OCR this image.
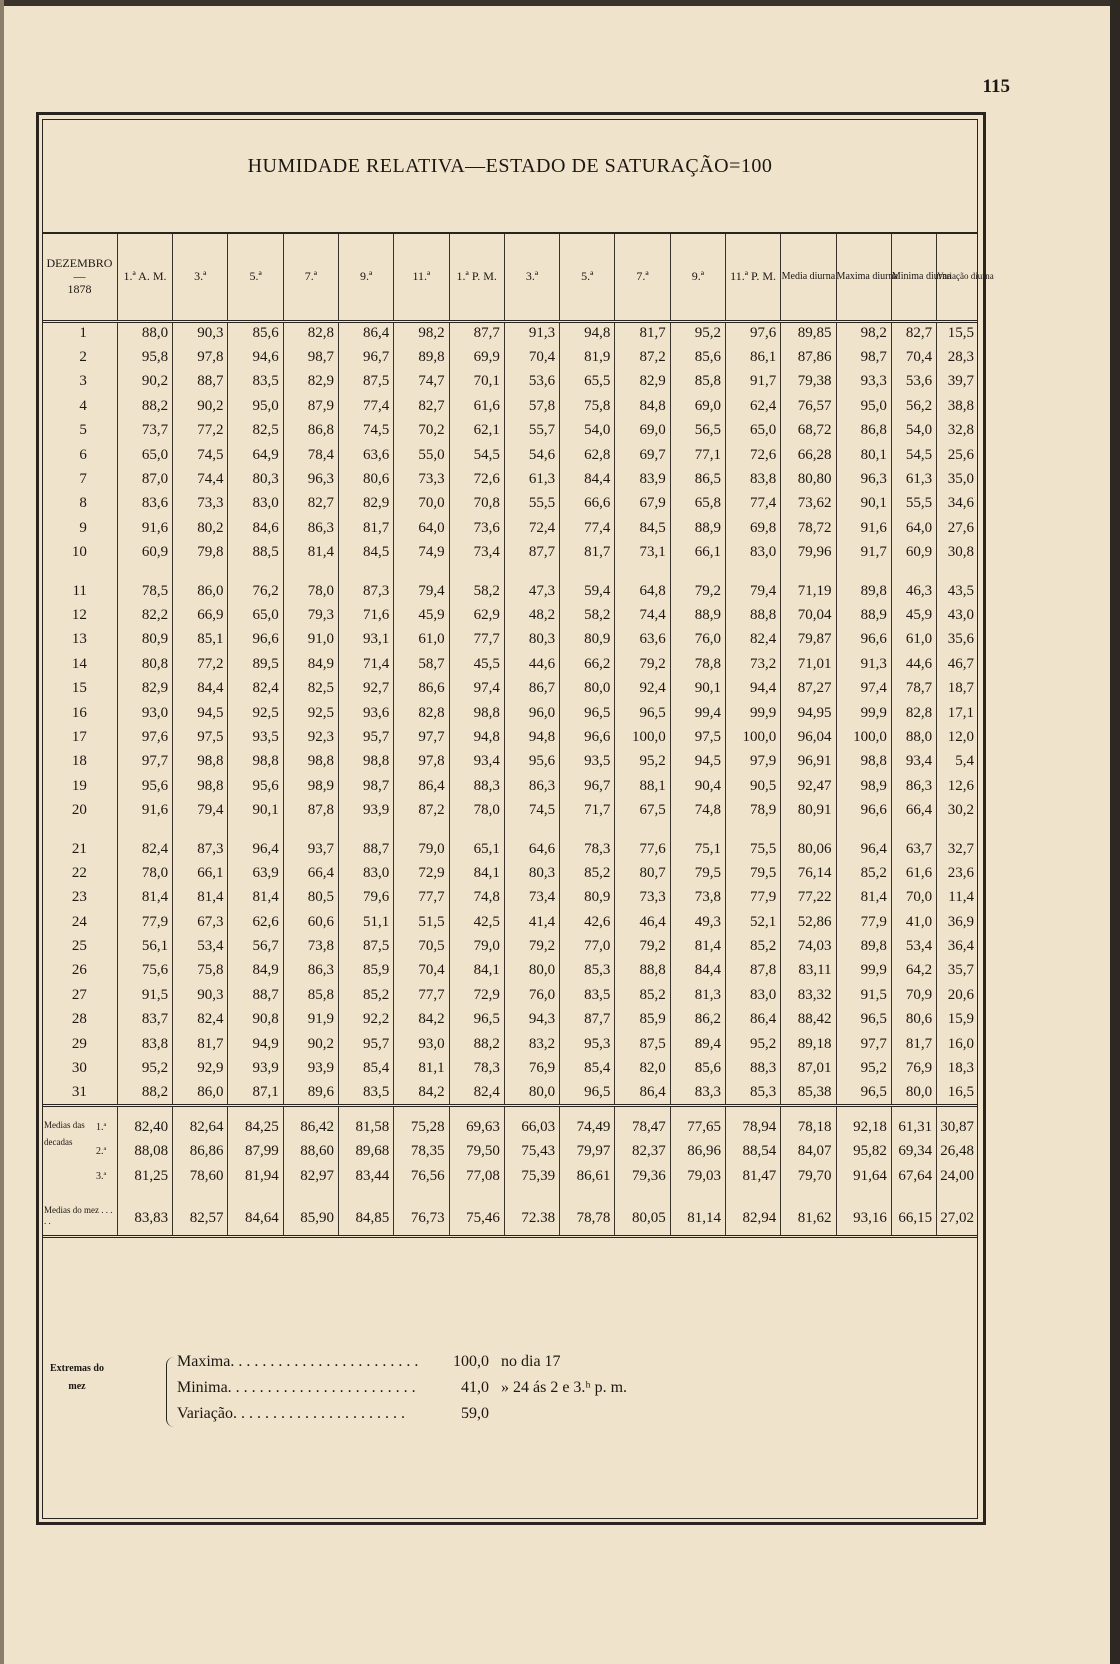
115
HUMIDADE RELATIVA—ESTADO DE SATURAÇÃO=100
DEZEMBRO
—
1878	1.ª A. M.	3.ª	5.ª	7.ª	9.ª	11.ª	1.ª P. M.	3.ª	5.ª	7.ª	9.ª	11.ª P. M.	Media diurna	Maxima diurna	Minima diurna	Variação diurna
1	88,0	90,3	85,6	82,8	86,4	98,2	87,7	91,3	94,8	81,7	95,2	97,6	89,85	98,2	82,7	15,5
2	95,8	97,8	94,6	98,7	96,7	89,8	69,9	70,4	81,9	87,2	85,6	86,1	87,86	98,7	70,4	28,3
3	90,2	88,7	83,5	82,9	87,5	74,7	70,1	53,6	65,5	82,9	85,8	91,7	79,38	93,3	53,6	39,7
4	88,2	90,2	95,0	87,9	77,4	82,7	61,6	57,8	75,8	84,8	69,0	62,4	76,57	95,0	56,2	38,8
5	73,7	77,2	82,5	86,8	74,5	70,2	62,1	55,7	54,0	69,0	56,5	65,0	68,72	86,8	54,0	32,8
6	65,0	74,5	64,9	78,4	63,6	55,0	54,5	54,6	62,8	69,7	77,1	72,6	66,28	80,1	54,5	25,6
7	87,0	74,4	80,3	96,3	80,6	73,3	72,6	61,3	84,4	83,9	86,5	83,8	80,80	96,3	61,3	35,0
8	83,6	73,3	83,0	82,7	82,9	70,0	70,8	55,5	66,6	67,9	65,8	77,4	73,62	90,1	55,5	34,6
9	91,6	80,2	84,6	86,3	81,7	64,0	73,6	72,4	77,4	84,5	88,9	69,8	78,72	91,6	64,0	27,6
10	60,9	79,8	88,5	81,4	84,5	74,9	73,4	87,7	81,7	73,1	66,1	83,0	79,96	91,7	60,9	30,8

11	78,5	86,0	76,2	78,0	87,3	79,4	58,2	47,3	59,4	64,8	79,2	79,4	71,19	89,8	46,3	43,5
12	82,2	66,9	65,0	79,3	71,6	45,9	62,9	48,2	58,2	74,4	88,9	88,8	70,04	88,9	45,9	43,0
13	80,9	85,1	96,6	91,0	93,1	61,0	77,7	80,3	80,9	63,6	76,0	82,4	79,87	96,6	61,0	35,6
14	80,8	77,2	89,5	84,9	71,4	58,7	45,5	44,6	66,2	79,2	78,8	73,2	71,01	91,3	44,6	46,7
15	82,9	84,4	82,4	82,5	92,7	86,6	97,4	86,7	80,0	92,4	90,1	94,4	87,27	97,4	78,7	18,7
16	93,0	94,5	92,5	92,5	93,6	82,8	98,8	96,0	96,5	96,5	99,4	99,9	94,95	99,9	82,8	17,1
17	97,6	97,5	93,5	92,3	95,7	97,7	94,8	94,8	96,6	100,0	97,5	100,0	96,04	100,0	88,0	12,0
18	97,7	98,8	98,8	98,8	98,8	97,8	93,4	95,6	93,5	95,2	94,5	97,9	96,91	98,8	93,4	5,4
19	95,6	98,8	95,6	98,9	98,7	86,4	88,3	86,3	96,7	88,1	90,4	90,5	92,47	98,9	86,3	12,6
20	91,6	79,4	90,1	87,8	93,9	87,2	78,0	74,5	71,7	67,5	74,8	78,9	80,91	96,6	66,4	30,2

21	82,4	87,3	96,4	93,7	88,7	79,0	65,1	64,6	78,3	77,6	75,1	75,5	80,06	96,4	63,7	32,7
22	78,0	66,1	63,9	66,4	83,0	72,9	84,1	80,3	85,2	80,7	79,5	79,5	76,14	85,2	61,6	23,6
23	81,4	81,4	81,4	80,5	79,6	77,7	74,8	73,4	80,9	73,3	73,8	77,9	77,22	81,4	70,0	11,4
24	77,9	67,3	62,6	60,6	51,1	51,5	42,5	41,4	42,6	46,4	49,3	52,1	52,86	77,9	41,0	36,9
25	56,1	53,4	56,7	73,8	87,5	70,5	79,0	79,2	77,0	79,2	81,4	85,2	74,03	89,8	53,4	36,4
26	75,6	75,8	84,9	86,3	85,9	70,4	84,1	80,0	85,3	88,8	84,4	87,8	83,11	99,9	64,2	35,7
27	91,5	90,3	88,7	85,8	85,2	77,7	72,9	76,0	83,5	85,2	81,3	83,0	83,32	91,5	70,9	20,6
28	83,7	82,4	90,8	91,9	92,2	84,2	96,5	94,3	87,7	85,9	86,2	86,4	88,42	96,5	80,6	15,9
29	83,8	81,7	94,9	90,2	95,7	93,0	88,2	83,2	95,3	87,5	89,4	95,2	89,18	97,7	81,7	16,0
30	95,2	92,9	93,9	93,9	85,4	81,1	78,3	76,9	85,4	82,0	85,6	88,3	87,01	95,2	76,9	18,3
31	88,2	86,0	87,1	89,6	83,5	84,2	82,4	80,0	96,5	86,4	83,3	85,3	85,38	96,5	80,0	16,5

Medias das decadas
1.ª	82,40	82,64	84,25	86,42	81,58	75,28	69,63	66,03	74,49	78,47	77,65	78,94	78,18	92,18	61,31	30,87
2.ª	88,08	86,86	87,99	88,60	89,68	78,35	79,50	75,43	79,97	82,37	86,96	88,54	84,07	95,82	69,34	26,48
3.ª	81,25	78,60	81,94	82,97	83,44	76,56	77,08	75,39	86,61	79,36	79,03	81,47	79,70	91,64	67,64	24,00
Medias do mez . . . . .	83,83	82,57	84,64	85,90	84,85	76,73	75,46	72.38	78,78	80,05	81,14	82,94	81,62	93,16	66,15	27,02
Extremas do mez
Maxima. . . . . . . . . . . . . . . . . . . . . . . . 100,0 no dia 17
Minima. . . . . . . . . . . . . . . . . . . . . . . .	41,0 » 24 ás 2 e 3.ʰ p. m.
Variação. . . . . . . . . . . . . . . . . . . . . .	59,0
